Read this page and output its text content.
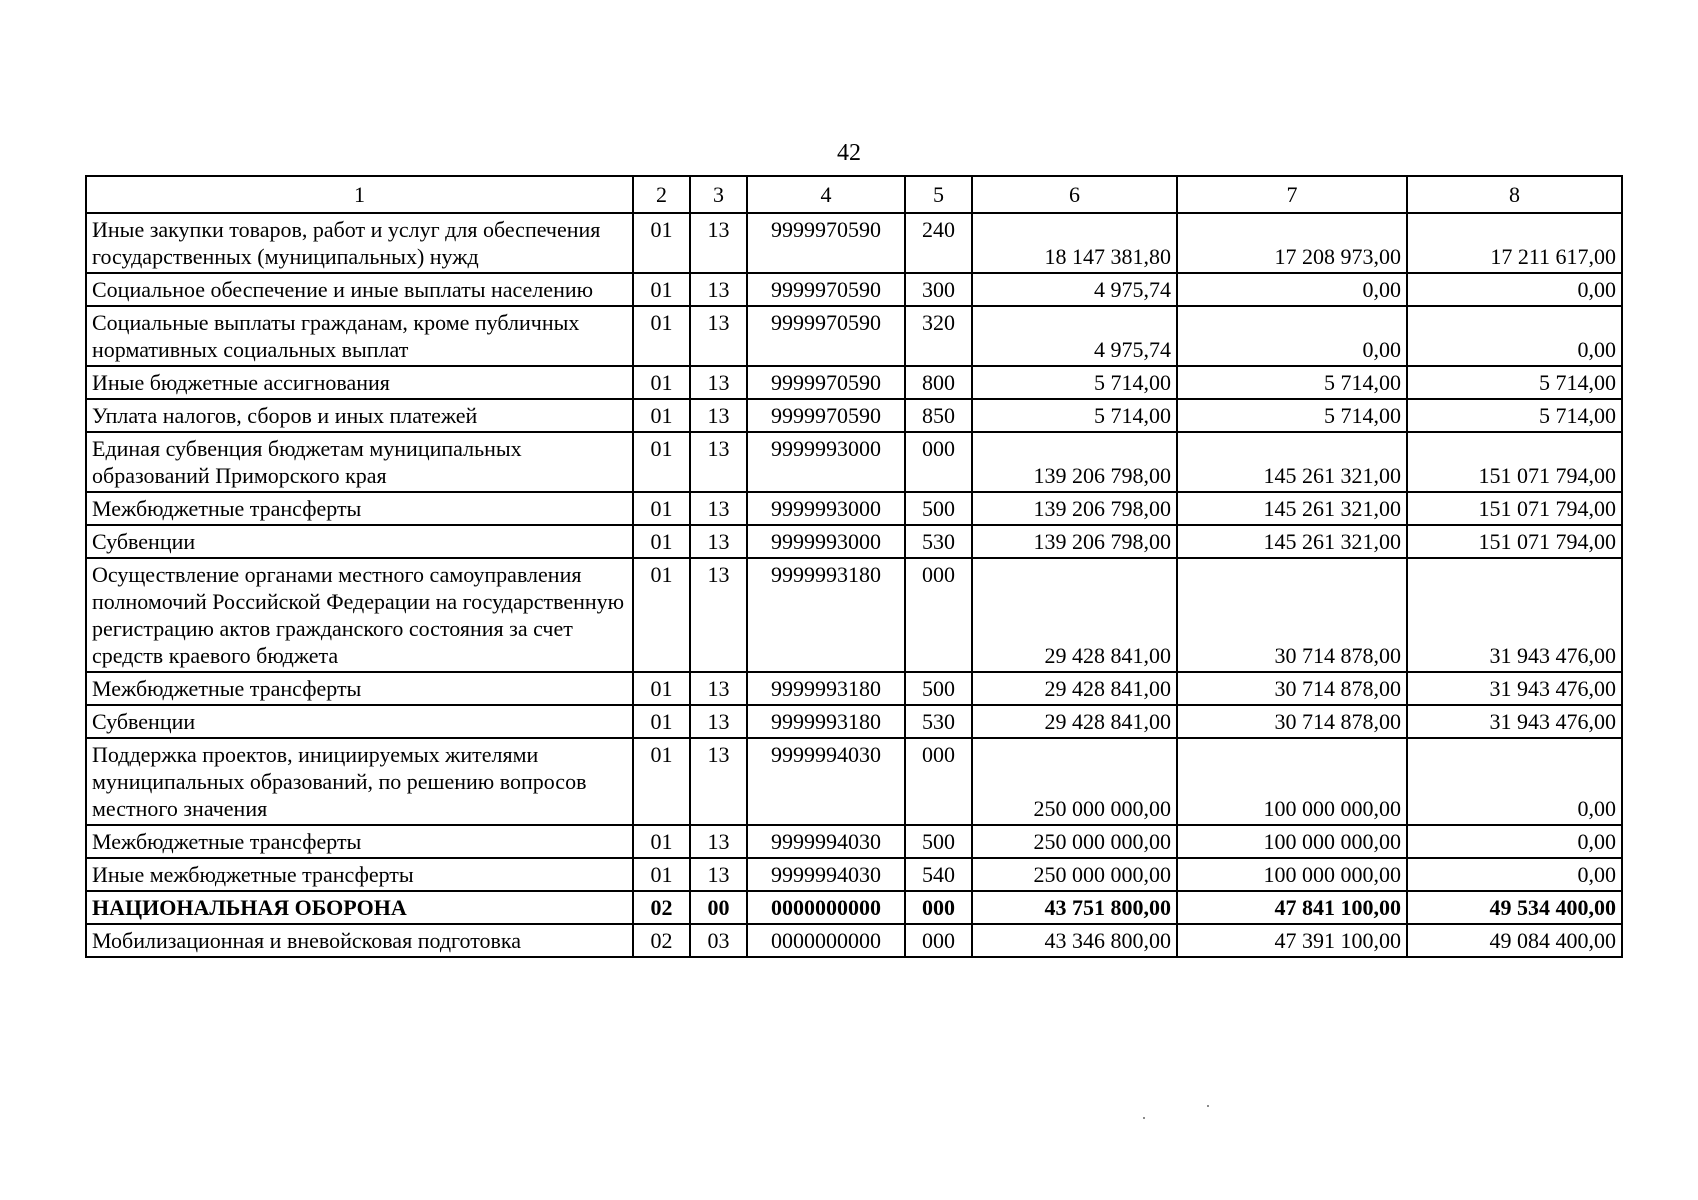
42
1	2	3	4	5	6	7	8
Иные закупки товаров, работ и услуг для обеспечения государственных (муниципальных) нужд	01	13	9999970590	240	18 147 381,80	17 208 973,00	17 211 617,00
Социальное обеспечение и иные выплаты населению	01	13	9999970590	300	4 975,74	0,00	0,00
Социальные выплаты гражданам, кроме публичных нормативных социальных выплат	01	13	9999970590	320	4 975,74	0,00	0,00
Иные бюджетные ассигнования	01	13	9999970590	800	5 714,00	5 714,00	5 714,00
Уплата налогов, сборов и иных платежей	01	13	9999970590	850	5 714,00	5 714,00	5 714,00
Единая субвенция бюджетам муниципальных образований Приморского края	01	13	9999993000	000	139 206 798,00	145 261 321,00	151 071 794,00
Межбюджетные трансферты	01	13	9999993000	500	139 206 798,00	145 261 321,00	151 071 794,00
Субвенции	01	13	9999993000	530	139 206 798,00	145 261 321,00	151 071 794,00
Осуществление органами местного самоуправления полномочий Российской Федерации на государственную регистрацию актов гражданского состояния за счет средств краевого бюджета	01	13	9999993180	000	29 428 841,00	30 714 878,00	31 943 476,00
Межбюджетные трансферты	01	13	9999993180	500	29 428 841,00	30 714 878,00	31 943 476,00
Субвенции	01	13	9999993180	530	29 428 841,00	30 714 878,00	31 943 476,00
Поддержка проектов, инициируемых жителями муниципальных образований, по решению вопросов местного значения	01	13	9999994030	000	250 000 000,00	100 000 000,00	0,00
Межбюджетные трансферты	01	13	9999994030	500	250 000 000,00	100 000 000,00	0,00
Иные межбюджетные трансферты	01	13	9999994030	540	250 000 000,00	100 000 000,00	0,00
НАЦИОНАЛЬНАЯ ОБОРОНА	02	00	0000000000	000	43 751 800,00	47 841 100,00	49 534 400,00
Мобилизационная и вневойсковая подготовка	02	03	0000000000	000	43 346 800,00	47 391 100,00	49 084 400,00
